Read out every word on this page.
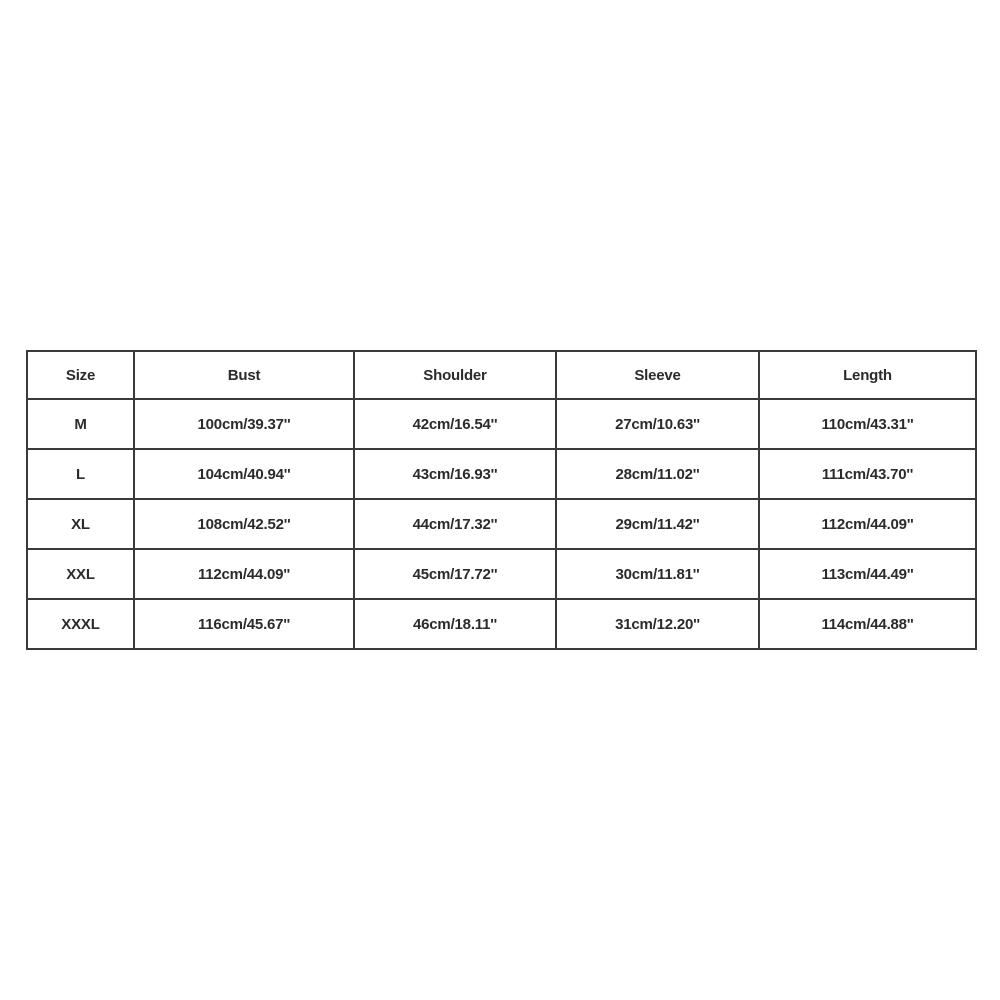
Size	Bust	Shoulder	Sleeve	Length
M	100cm/39.37''	42cm/16.54''	27cm/10.63''	110cm/43.31''
L	104cm/40.94''	43cm/16.93''	28cm/11.02''	111cm/43.70''
XL	108cm/42.52''	44cm/17.32''	29cm/11.42''	112cm/44.09''
XXL	112cm/44.09''	45cm/17.72''	30cm/11.81''	113cm/44.49''
XXXL	116cm/45.67''	46cm/18.11''	31cm/12.20''	114cm/44.88''
